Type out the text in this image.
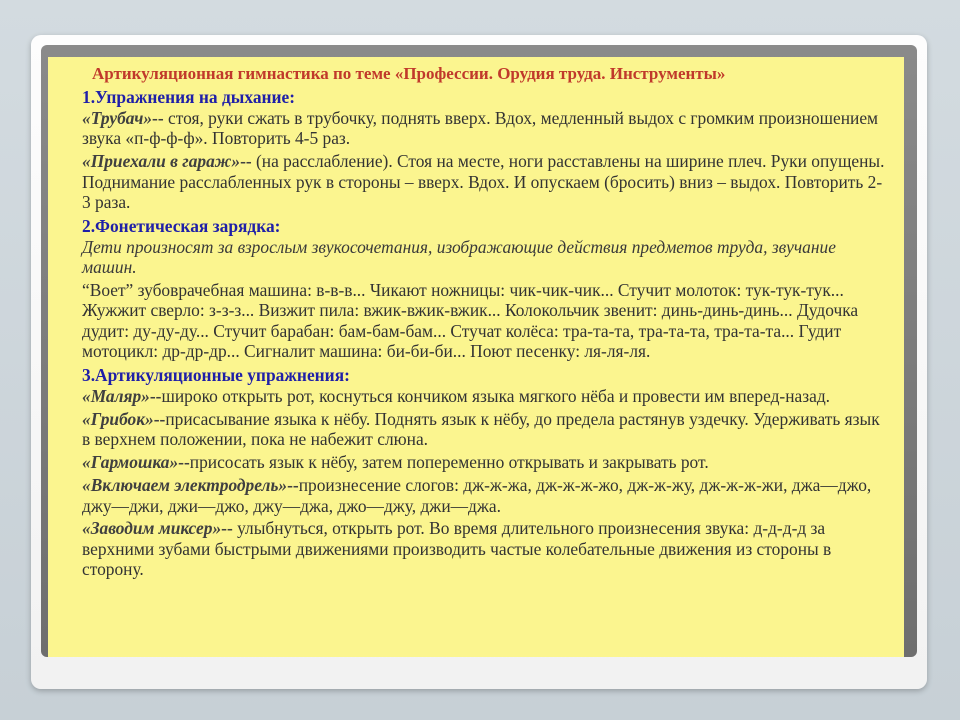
Артикуляционная гимнастика по теме «Профессии. Орудия труда. Инструменты»

1.Упражнения на дыхание:

«Трубач»-- стоя, руки сжать в трубочку, поднять вверх. Вдох, медленный выдох с громким произношением звука «п-ф-ф-ф». Повторить 4-5 раз.

«Приехали в гараж»-- (на расслабление). Стоя на месте, ноги расставлены на ширине плеч. Руки опущены. Поднимание расслабленных рук в стороны – вверх. Вдох. И опускаем (бросить) вниз – выдох. Повторить 2-3 раза.

2.Фонетическая зарядка:

Дети произносят за взрослым звукосочетания, изображающие действия предметов труда, звучание машин.

“Воет” зубоврачебная машина: в-в-в... Чикают ножницы: чик-чик-чик... Стучит молоток: тук-тук-тук... Жужжит сверло: з-з-з... Визжит пила: вжик-вжик-вжик... Колокольчик звенит: динь-динь-динь... Дудочка дудит: ду-ду-ду... Стучит барабан: бам-бам-бам... Стучат колёса: тра-та-та, тра-та-та, тра-та-та... Гудит мотоцикл: др-др-др... Сигналит машина: би-би-би... Поют песенку: ля-ля-ля.

3.Артикуляционные упражнения:

«Маляр»--широко открыть рот, коснуться кончиком языка мягкого нёба и провести им вперед-назад.

«Грибок»--присасывание языка к нёбу. Поднять язык к нёбу, до предела растянув уздечку. Удерживать язык в верхнем положении, пока не набежит слюна.

«Гармошка»--присосать язык к нёбу, затем попеременно открывать и закрывать рот.

«Включаем электродрель»--произнесение слогов: дж-ж-жа, дж-ж-ж-жо, дж-ж-жу, дж-ж-ж-жи, джа—джо, джу—джи, джи—джо, джу—джа, джо—джу, джи—джа.

«Заводим миксер»-- улыбнуться, открыть рот. Во время длительного произнесения звука: д-д-д-д за верхними зубами быстрыми движениями производить частые колебательные движения из стороны в сторону.
